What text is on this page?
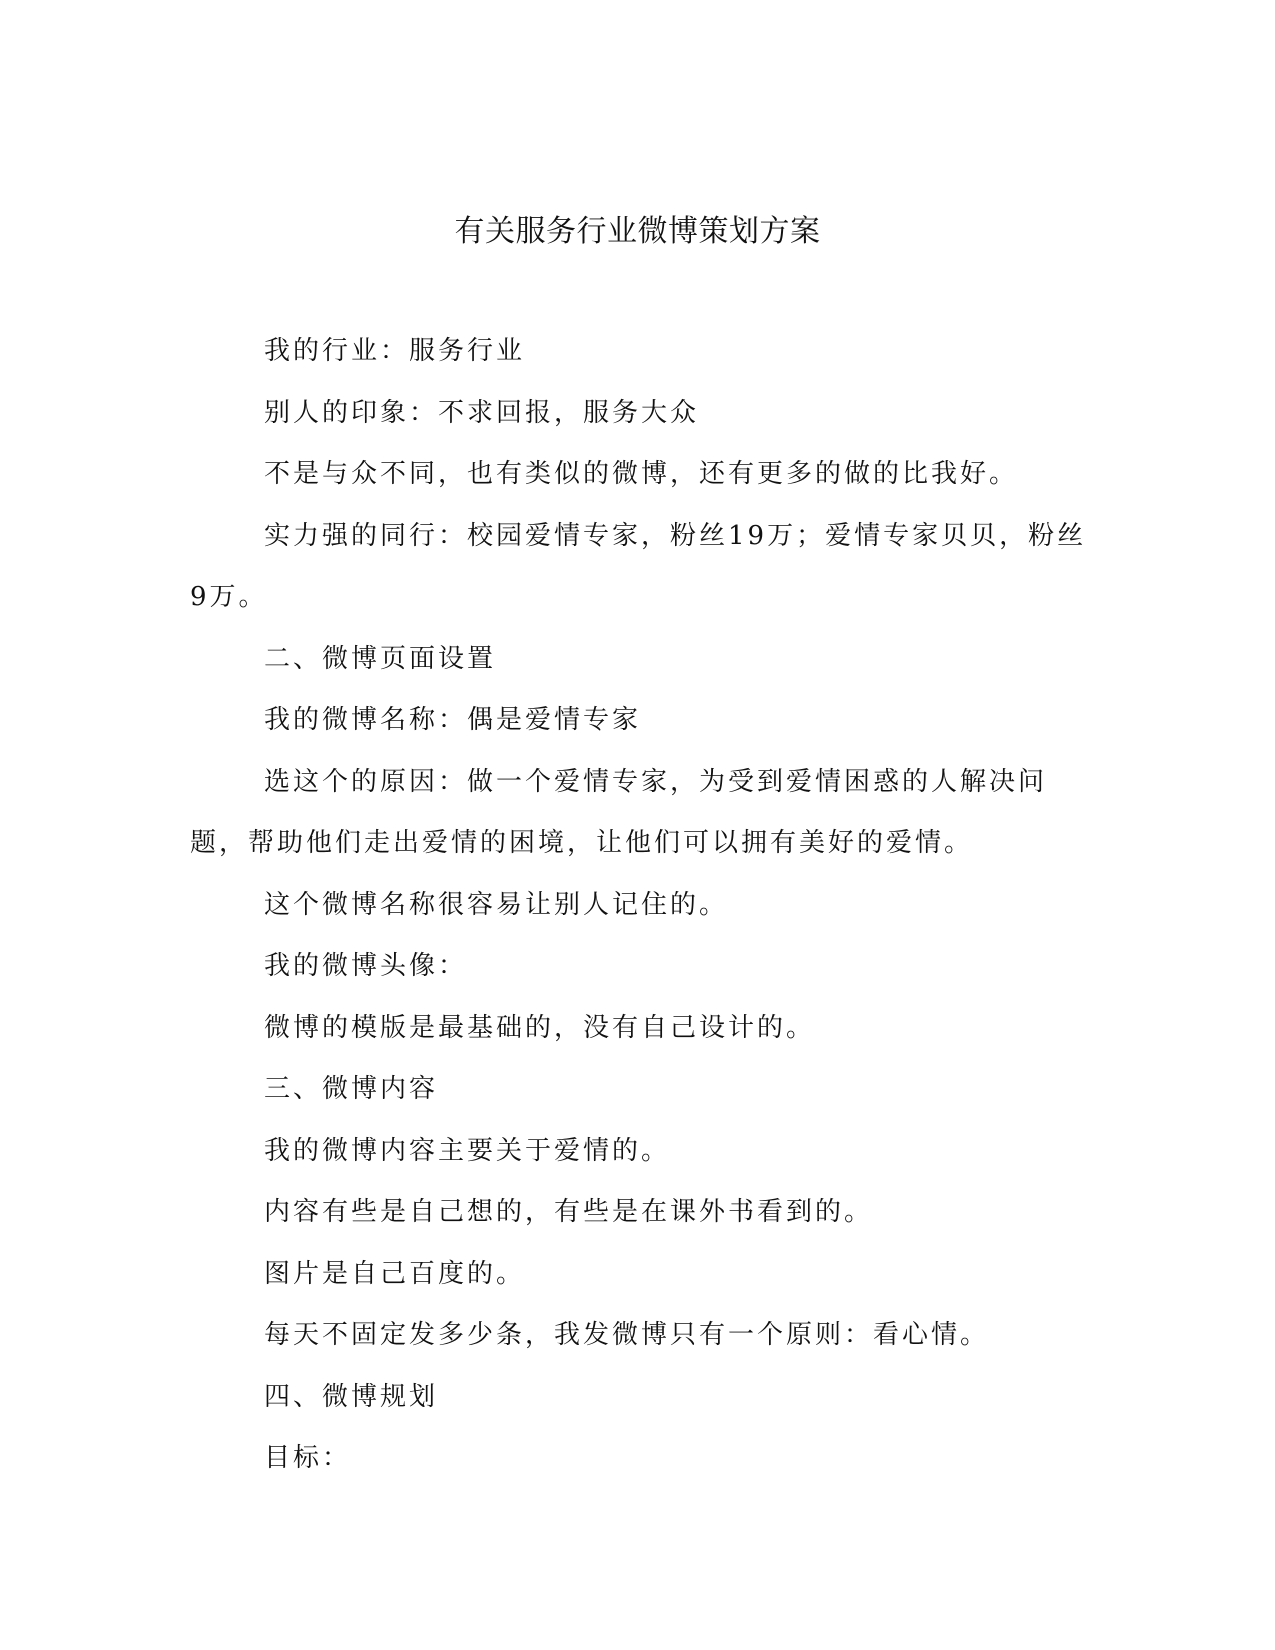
有关服务行业微博策划方案

我的行业：服务行业

别人的印象：不求回报，服务大众

不是与众不同，也有类似的微博，还有更多的做的比我好。

实力强的同行：校园爱情专家，粉丝19万；爱情专家贝贝，粉丝9万。

二、微博页面设置

我的微博名称：偶是爱情专家

选这个的原因：做一个爱情专家，为受到爱情困惑的人解决问题，帮助他们走出爱情的困境，让他们可以拥有美好的爱情。

这个微博名称很容易让别人记住的。

我的微博头像：

微博的模版是最基础的，没有自己设计的。

三、微博内容

我的微博内容主要关于爱情的。

内容有些是自己想的，有些是在课外书看到的。

图片是自己百度的。

每天不固定发多少条，我发微博只有一个原则：看心情。

四、微博规划

目标：
